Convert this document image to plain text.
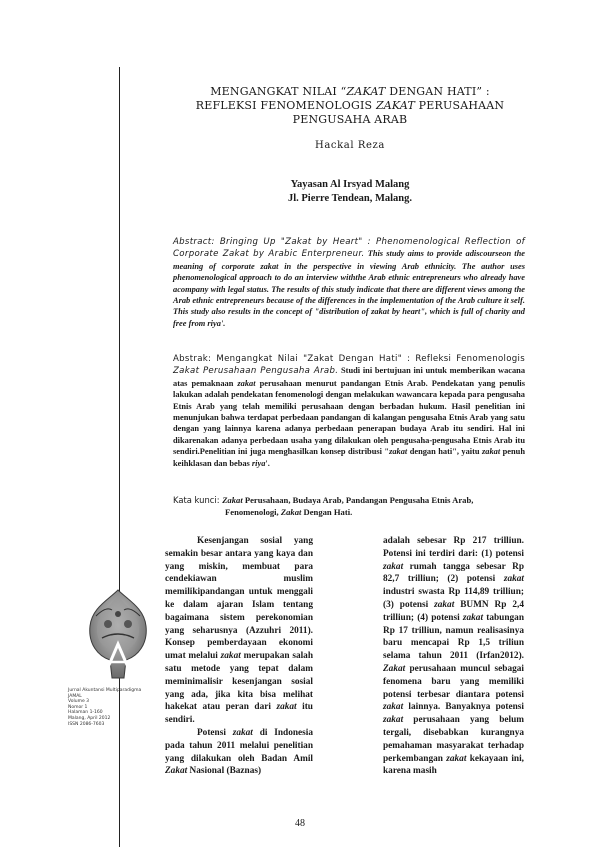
MENGANGKAT NILAI “ZAKAT DENGAN HATI” :
REFLEKSI FENOMENOLOGIS ZAKAT PERUSAHAAN
PENGUSAHA ARAB
Hackal Reza
Yayasan Al Irsyad Malang
Jl. Pierre Tendean, Malang.
Abstract: Bringing Up "Zakat by Heart" : Phenomenological Reflection of Corporate Zakat by Arabic Enterpreneur. This study aims to provide adiscourseon the meaning of corporate zakat in the perspective in viewing Arab ethnicity. The author uses phenomenological approach to do an interview withthe Arab ethnic entrepreneurs who already have acompany with legal status. The results of this study indicate that there are different views among the Arab ethnic entrepreneurs because of the differences in the implementation of the Arab culture it self. This study also results in the concept of "distribution of zakat by heart", which is full of charity and free from riya'.
Abstrak: Mengangkat Nilai "Zakat Dengan Hati" : Refleksi Fenomenologis Zakat Perusahaan Pengusaha Arab. Studi ini bertujuan ini untuk memberikan wacana atas pemaknaan zakat perusahaan menurut pandangan Etnis Arab. Pendekatan yang penulis lakukan adalah pendekatan fenomenologi dengan melakukan wawancara kepada para pengusaha Etnis Arab yang telah memiliki perusahaan dengan berbadan hukum. Hasil penelitian ini menunjukan bahwa terdapat perbedaan pandangan di kalangan pengusaha Etnis Arab yang satu dengan yang lainnya karena adanya perbedaan penerapan budaya Arab itu sendiri. Hal ini dikarenakan adanya perbedaan usaha yang dilakukan oleh pengusaha-pengusaha Etnis Arab itu sendiri.Penelitian ini juga menghasilkan konsep distribusi "zakat dengan hati", yaitu zakat penuh keihklasan dan bebas riya'.
Kata kunci: Zakat Perusahaan, Budaya Arab, Pandangan Pengusaha Etnis Arab,
Fenomenologi, Zakat Dengan Hati.

Kesenjangan sosial yang semakin besar antara yang kaya dan yang miskin, membuat para cendekiawan muslim memilikipandangan untuk menggali ke dalam ajaran Islam tentang bagaimana sistem perekonomian yang seharusnya (Azzuhri 2011). Konsep pemberdayaan ekonomi umat melalui zakat merupakan salah satu metode yang tepat dalam meminimalisir kesenjangan sosial yang ada, jika kita bisa melihat hakekat atau peran dari zakat itu sendiri.

Potensi zakat di Indonesia pada tahun 2011 melalui penelitian yang dilakukan oleh Badan Amil Zakat Nasional (Baznas)

adalah sebesar Rp 217 trilliun. Potensi ini terdiri dari: (1) potensi zakat rumah tangga sebesar Rp 82,7 trilliun; (2) potensi zakat industri swasta Rp 114,89 trilliun; (3) potensi zakat BUMN Rp 2,4 trilliun; (4) potensi zakat tabungan Rp 17 trilliun, namun realisasinya baru mencapai Rp 1,5 triliun selama tahun 2011 (Irfan2012). Zakat perusahaan muncul sebagai fenomena baru yang memiliki potensi terbesar diantara potensi zakat lainnya. Banyaknya potensi zakat perusahaan yang belum tergali, disebabkan kurangnya pemahaman masyarakat terhadap perkembangan zakat kekayaan ini, karena masih
Jurnal Akuntansi Multiparadigma
JAMAL
Volume 3
Nomor 1
Halaman 1-160
Malang, April 2012
ISSN 2086-7603
48
